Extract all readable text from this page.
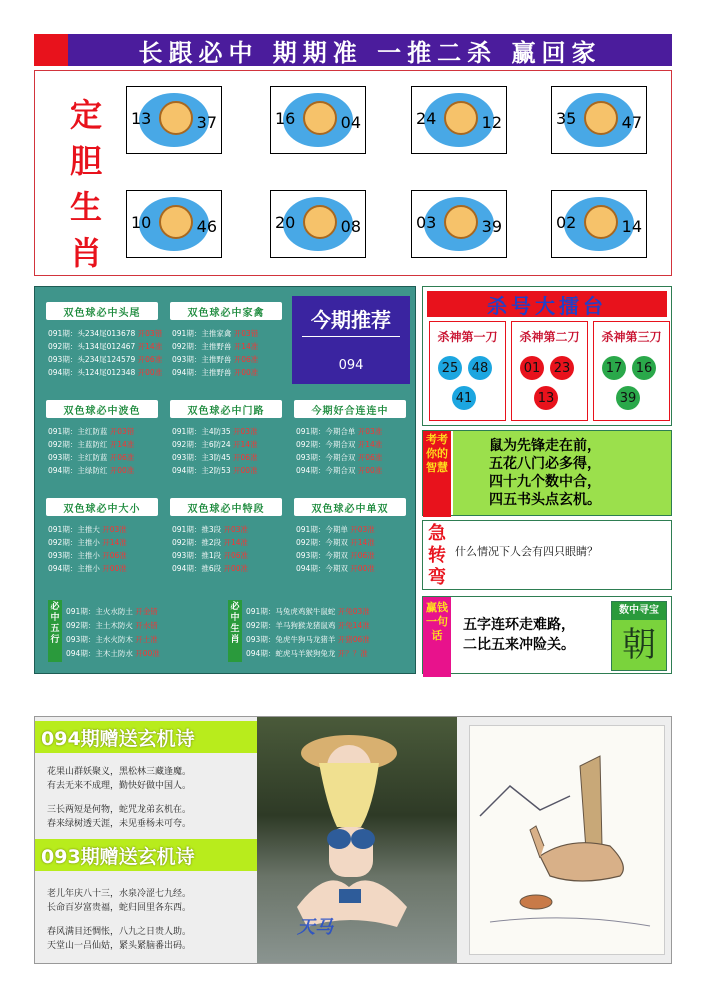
长跟必中 期期准 一推二杀 赢回家
定
胆
生
肖
13	37	16	04	24	12	35	47
10	46	20	08	03	39	02	14
双色球必中头尾
091期：头234尾013678 开03错
092期：头134尾012467 开14准
093期：头234尾124579 开06准
094期：头124尾012348 开00准
双色球必中家禽
091期：主推家禽 开03错
092期：主推野兽 开14准
093期：主推野兽 开06准
094期：主推野兽 开00准
双色球必中波色
091期：主红防蓝 开03错
092期：主蓝防红 开14准
093期：主红防蓝 开06准
094期：主绿防红 开00准
双色球必中门路
091期：主4防35 开03准
092期：主6防24 开14准
093期：主3防45 开06准
094期：主2防53 开00准
今期好合连连中
091期：今期合单 开03准
092期：今期合双 开14准
093期：今期合双 开06准
094期：今期合双 开00准
双色球必中大小
091期：主推大 开03准
092期：主推小 开14准
093期：主推小 开06准
094期：主推小 开00准
双色球必中特段
091期：推3段 开03准
092期：推2段 开14准
093期：推1段 开06准
094期：推6段 开00准
双色球必中单双
091期：今期单 开03准
092期：今期双 开14准
093期：今期双 开06准
094期：今期双 开00准
必中五行
091期：主火水防土 开金错
092期：主土木防火 开水错
093期：主水火防木 开土准
094期：主木土防水 开00准
必中生肖
091期：马兔虎鸡猴牛鼠蛇 开兔03准
092期：羊马狗猴龙猪鼠鸡 开兔14准
093期：兔虎牛狗马龙猪羊 开猪06准
094期：蛇虎马羊猴狗兔龙 开？？准
今期推荐
094
杀号大擂台
杀神第一刀
25 48
41
杀神第二刀
01 23
13
杀神第三刀
17 16
39
考考你的智慧
鼠为先锋走在前，
五花八门必多得，
四十九个数中合，
四五书头点玄机。
急转弯
什么情况下人会有四只眼睛？
赢钱一句话
五字连环走难路，
二比五来冲险关。
数中寻宝
朝
094期赠送玄机诗
花果山群妖聚义，黑松林三藏逢魔。
有去无来不成理，勤快好做中国人。
三长两短是何物，蛇咒龙弟玄机在。
春来绿树透天涯，未见垂杨未可夸。
093期赠送玄机诗
老儿年庆八十三，水泉冷涩七九经。
长命百岁富贵福，蛇归回里各东西。
春风满目还惆怅，八九之日贵人助。
天堂山一吕仙姑，紧头紧脑番出码。
天马
